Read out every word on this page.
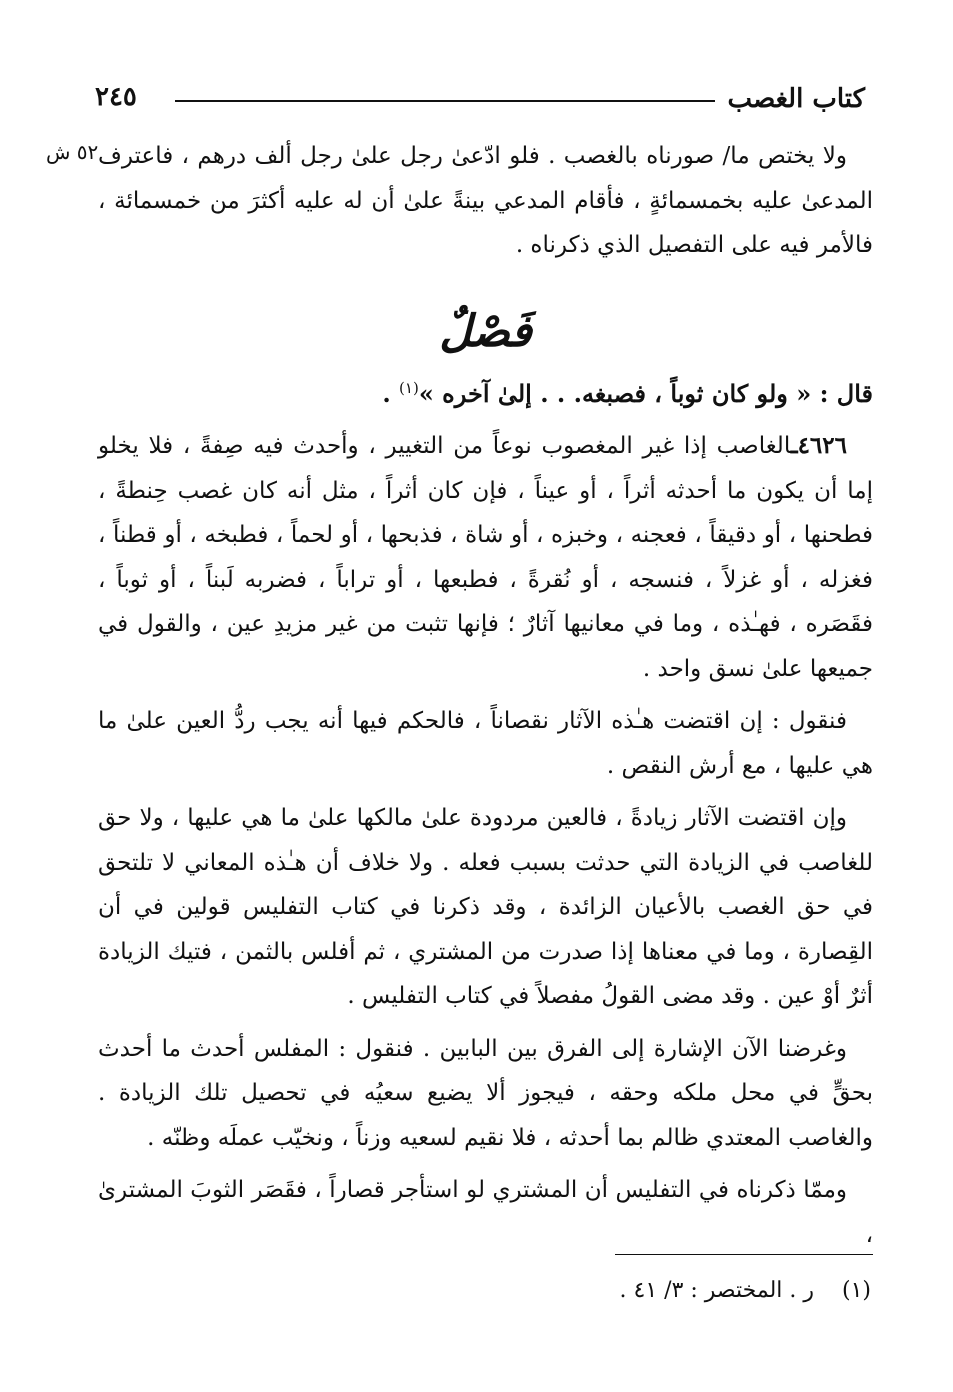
كتاب الغصب
٢٤٥
٥٢ ش ولا يختص ما/ صورناه بالغصب . فلو ادّعىٰ رجل علىٰ رجل ألف درهم ، فاعترف المدعىٰ عليه بخمسمائةٍ ، فأقام المدعي بينةً علىٰ أن له عليه أكثرَ من خمسمائة ، فالأمر فيه على التفصيل الذي ذكرناه .

فَصْلٌ

قال : « ولو كان ثوباً ، فصبغه. . . إلىٰ آخره »$^{(١)}$ .

٤٦٢٦ـالغاصب إذا غير المغصوب نوعاً من التغيير ، وأحدث فيه صِفةً ، فلا يخلو إما أن يكون ما أحدثه أثراً ، أو عيناً ، فإن كان أثراً ، مثل أنه كان غصب حِنطةً ، فطحنها ، أو دقيقاً ، فعجنه ، وخبزه ، أو شاة ، فذبحها ، أو لحماً ، فطبخه ، أو قطناً ، فغزله ، أو غزلاً ، فنسجه ، أو نُقرةً ، فطبعها ، أو تراباً ، فضربه لَبناً ، أو ثوباً ، فقَصَره ، فهـٰذه ، وما في معانيها آثارٌ ؛ فإنها تثبت من غير مزيدِ عين ، والقول في جميعها علىٰ نسق واحد .

فنقول : إن اقتضت هـٰذه الآثار نقصاناً ، فالحكم فيها أنه يجب ردُّ العين علىٰ ما هي عليها ، مع أرش النقص .

وإن اقتضت الآثار زيادةً ، فالعين مردودة علىٰ مالكها علىٰ ما هي عليها ، ولا حق للغاصب في الزيادة التي حدثت بسبب فعله . ولا خلاف أن هـٰذه المعاني لا تلتحق في حق الغصب بالأعيان الزائدة ، وقد ذكرنا في كتاب التفليس قولين في أن القِصارة ، وما في معناها إذا صدرت من المشتري ، ثم أفلس بالثمن ، فتيك الزيادة أثرٌ أوْ عين . وقد مضى القولُ مفصلاً في كتاب التفليس .

وغرضنا الآن الإشارة إلى الفرق بين البابين . فنقول : المفلس أحدث ما أحدث بحقٍّ في محل ملكه وحقه ، فيجوز ألا يضيع سعيُه في تحصيل تلك الزيادة . والغاصب المعتدي ظالم بما أحدثه ، فلا نقيم لسعيه وزناً ، ونخيّب عملَه وظنّه .

وممّا ذكرناه في التفليس أن المشتري لو استأجر قصاراً ، فقَصَر الثوبَ المشترىٰ ،

(١)    ر . المختصر : ٣/ ٤١ .
